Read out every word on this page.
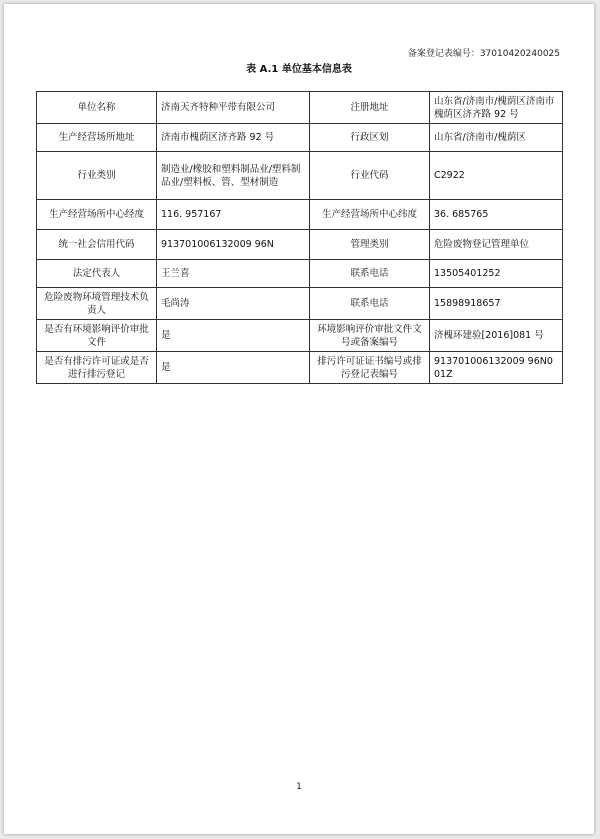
备案登记表编号：37010420240025
表 A.1 单位基本信息表
单位名称	济南天齐特种平带有限公司	注册地址	山东省/济南市/槐荫区济南市槐荫区济齐路 92 号
生产经营场所地址	济南市槐荫区济齐路 92 号	行政区划	山东省/济南市/槐荫区
行业类别	制造业/橡胶和塑料制品业/塑料制品业/塑料板、管、型材制造	行业代码	C2922
生产经营场所中心经度	116. 957167	生产经营场所中心纬度	36. 685765
统一社会信用代码	913701006132009 96N	管理类别	危险废物登记管理单位
法定代表人	王兰喜	联系电话	13505401252
危险废物环境管理技术负责人	毛尚涛	联系电话	15898918657
是否有环境影响评价审批文件	是	环境影响评价审批文件文号或备案编号	济槐环建验[2016]081 号
是否有排污许可证或是否进行排污登记	是	排污许可证证书编号或排污登记表编号	913701006132009 96N001Z
1
